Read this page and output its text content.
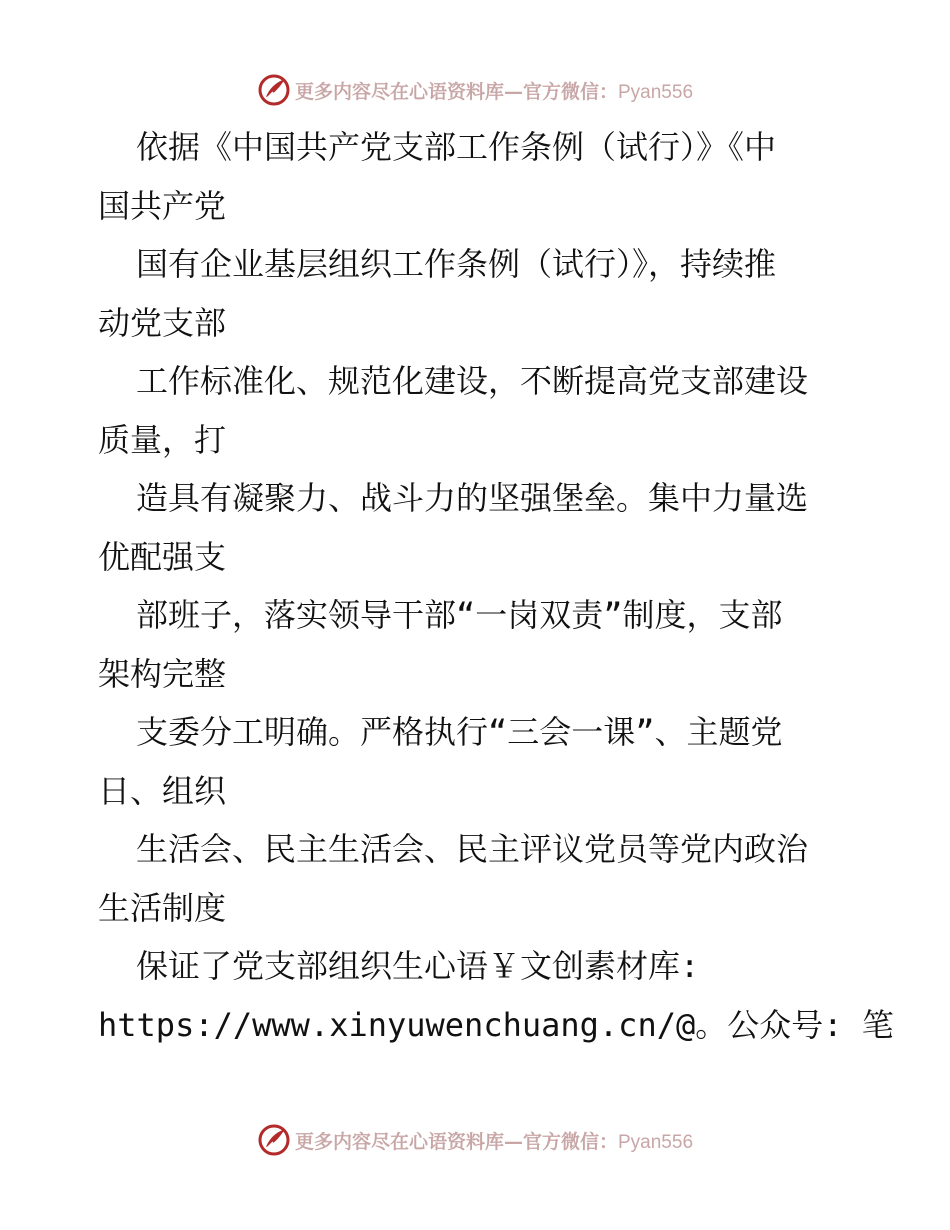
更多内容尽在心语资料库—官方微信：Pyan556
依据《中国共产党支部工作条例（试行）》《中
国共产党
国有企业基层组织工作条例（试行）》，持续推
动党支部
工作标准化、规范化建设，不断提高党支部建设
质量，打
造具有凝聚力、战斗力的坚强堡垒。集中力量选
优配强支
部班子，落实领导干部“一岗双责”制度，支部
架构完整
支委分工明确。严格执行“三会一课”、主题党
日、组织
生活会、民主生活会、民主评议党员等党内政治
生活制度
保证了党支部组织生心语￥文创素材库:
https://www.xinyuwenchuang.cn/@。公众号: 笔
更多内容尽在心语资料库—官方微信：Pyan556
